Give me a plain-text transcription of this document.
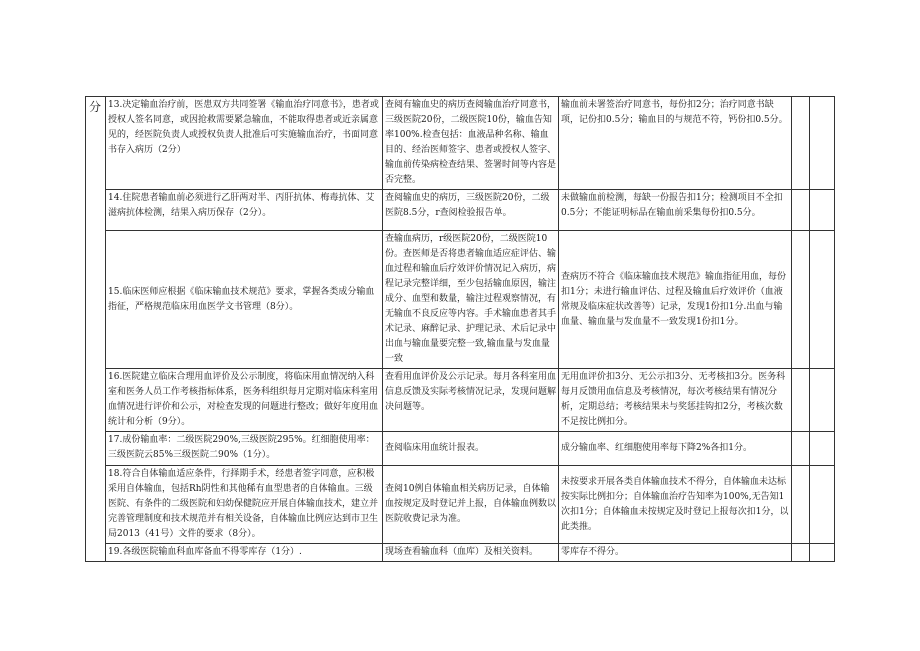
分	13.决定输血治疗前，医患双方共同签署《输血治疗同意书》，患者或授权人签名同意，或因抢救需要紧急输血，不能取得患者或近亲属意见的，经医院负责人或授权负责人批准后可实施输血治疗，书面同意书存入病历（2分）	查阅有输血史的病历查阅输血治疗同意书，三级医院20份，二级医院10份，输血告知率100%.检查包括：血液品种名称、输血目的、经治医师签字、患者或授权人签字、输血前传染病检查结果、签署时间等内容是否完整。	输血前未署签治疗同意书，每份扣2分；治疗同意书缺项，记份扣0.5分；输血目的与规范不符，钙份扣0.5分。		
	14.住院患者输血前必须进行乙肝两对半、丙肝抗体、梅毒抗体、艾滋病抗体检测，结果入病历保存（2分）。	查阅输血史的病历，三级医院20份，二级医院8.5分，r查阅检验报告单。	未做输血前检测，每缺一份报告扣1分；检测项目不全扣0.5分；不能证明标品在输血前采集每份扣0.5分。		
	15.临床医师应根据《临床输血技术规范》要求，掌握各类成分输血指征，严格规范临床用血医学文书管理（8分）。	查输血病历，r级医院20份，二级医院10份。查医师是否将患者输血适应症评估、输血过程和输血后疗效评价情况记入病历，病程记录完整详细，至少包括输血原因，输注成分、血型和数量，输注过程观察情况，有无输血不良反应等内容。手术输血患者其手术记录、麻醉记录、护理记录、术后记录中出血与输血量要完整一致,输血量与发血量一致	查病历不符合《临床输血技术规范》输血指征用血，每份扣1分；未进行输血评估、过程及输血后疗效评价（血液常规及临床症状改善等）记录，发现1份扣1分.出血与输血量、输血量与发血量不一致发现1份扣1分。		
	16.医院建立临床合理用血评价及公示制度，将临床用血情况纳入科室和医务人员工作考核指标体系，医务科组织每月定期对临床科室用血情况进行评价和公示，对检查发现的问题进行整改；做好年度用血统计和分析（9分）。	查看用血评价及公示记录。每月各科室用血信息反馈及实际考核情况记录，发现问题解决问题等。	无用血评价扣3分、无公示扣3分、无考核扣3分。医务科每月反馈用血信息及考核情况，每次考核结果有情况分析，定期总结；考核结果未与奖惩挂钩扣2分，考核次数不足按比例扣分。		
	17.成份输血率：二级医院290%,三级医院295%。红细胞使用率：三级医院云85%三级医院二90%（1分）。	查阅临床用血统计报表。	成分输血率、红细胞使用率每下降2%各扣1分。		
	18.符合自体输血适应条件，行择期手术，经患者签字同意，应积极采用自体输血，包括Rh阴性和其他稀有血型患者的自体输血。三级医院、有条件的二级医院和妇幼保健院应开展自体输血技术，建立并完善管理制度和技术规范并有相关设备，自体输血比例应达到市卫生局2013（41号）文件的要求（8分）。	查阅10例自体输血相关病历记录，自体输血按规定及时登记并上报，自体输血例数以医院收费记录为准。	未按要求开展各类自体输血技术不得分，自体输血未达标按实际比例扣分；自体输血治疗告知率为100%,无告知1次扣1分；自体输血未按规定及时登记上报每次扣1分，以此类推。		
	19.各级医院输血科血库备血不得零库存（1分）.	现场查看输血科（血库）及相关资料。	零库存不得分。		
